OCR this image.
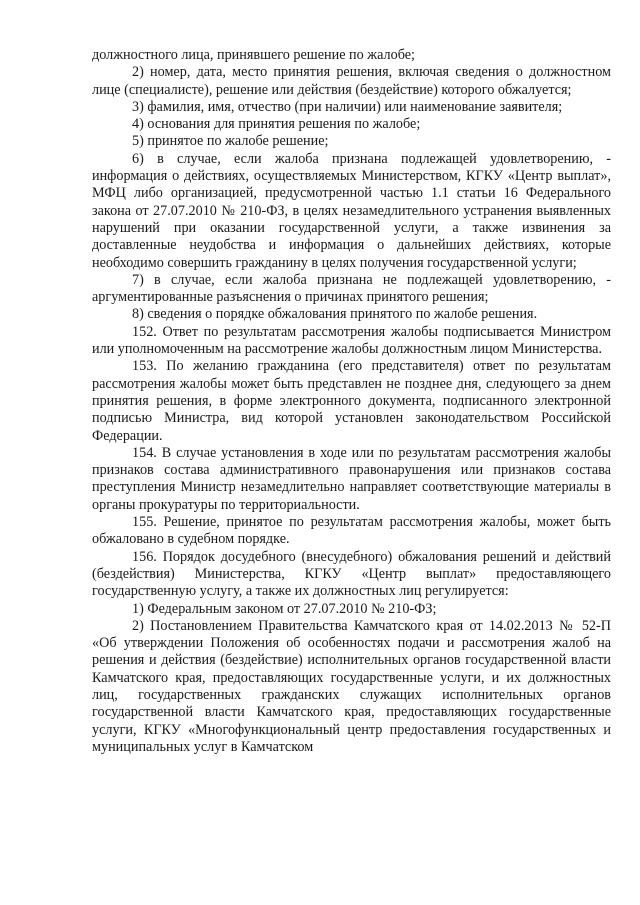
должностного лица, принявшего решение по жалобе;

2) номер, дата, место принятия решения, включая сведения о должностном лице (специалисте), решение или действия (бездействие) которого обжалуется;

3) фамилия, имя, отчество (при наличии) или наименование заявителя;

4) основания для принятия решения по жалобе;

5) принятое по жалобе решение;

6) в случае, если жалоба признана подлежащей удовлетворению, - информация о действиях, осуществляемых Министерством, КГКУ «Центр выплат», МФЦ либо организацией, предусмотренной частью 1.1 статьи 16 Федерального закона от 27.07.2010 № 210-ФЗ, в целях незамедлительного устранения выявленных нарушений при оказании государственной услуги, а также извинения за доставленные неудобства и информация о дальнейших действиях, которые необходимо совершить гражданину в целях получения государственной услуги;

7) в случае, если жалоба признана не подлежащей удовлетворению, - аргументированные разъяснения о причинах принятого решения;

8) сведения о порядке обжалования принятого по жалобе решения.

152. Ответ по результатам рассмотрения жалобы подписывается Министром или уполномоченным на рассмотрение жалобы должностным лицом Министерства.

153. По желанию гражданина (его представителя) ответ по результатам рассмотрения жалобы может быть представлен не позднее дня, следующего за днем принятия решения, в форме электронного документа, подписанного электронной подписью Министра, вид которой установлен законодательством Российской Федерации.

154. В случае установления в ходе или по результатам рассмотрения жалобы признаков состава административного правонарушения или признаков состава преступления Министр незамедлительно направляет соответствующие материалы в органы прокуратуры по территориальности.

155. Решение, принятое по результатам рассмотрения жалобы, может быть обжаловано в судебном порядке.

156. Порядок досудебного (внесудебного) обжалования решений и действий (бездействия) Министерства, КГКУ «Центр выплат» предоставляющего государственную услугу, а также их должностных лиц регулируется:

1) Федеральным законом от 27.07.2010 № 210-ФЗ;

2) Постановлением Правительства Камчатского края от 14.02.2013 № 52-П «Об утверждении Положения об особенностях подачи и рассмотрения жалоб на решения и действия (бездействие) исполнительных органов государственной власти Камчатского края, предоставляющих государственные услуги, и их должностных лиц, государственных гражданских служащих исполнительных органов государственной власти Камчатского края, предоставляющих государственные услуги, КГКУ «Многофункциональный центр предоставления государственных и муниципальных услуг в Камчатском
